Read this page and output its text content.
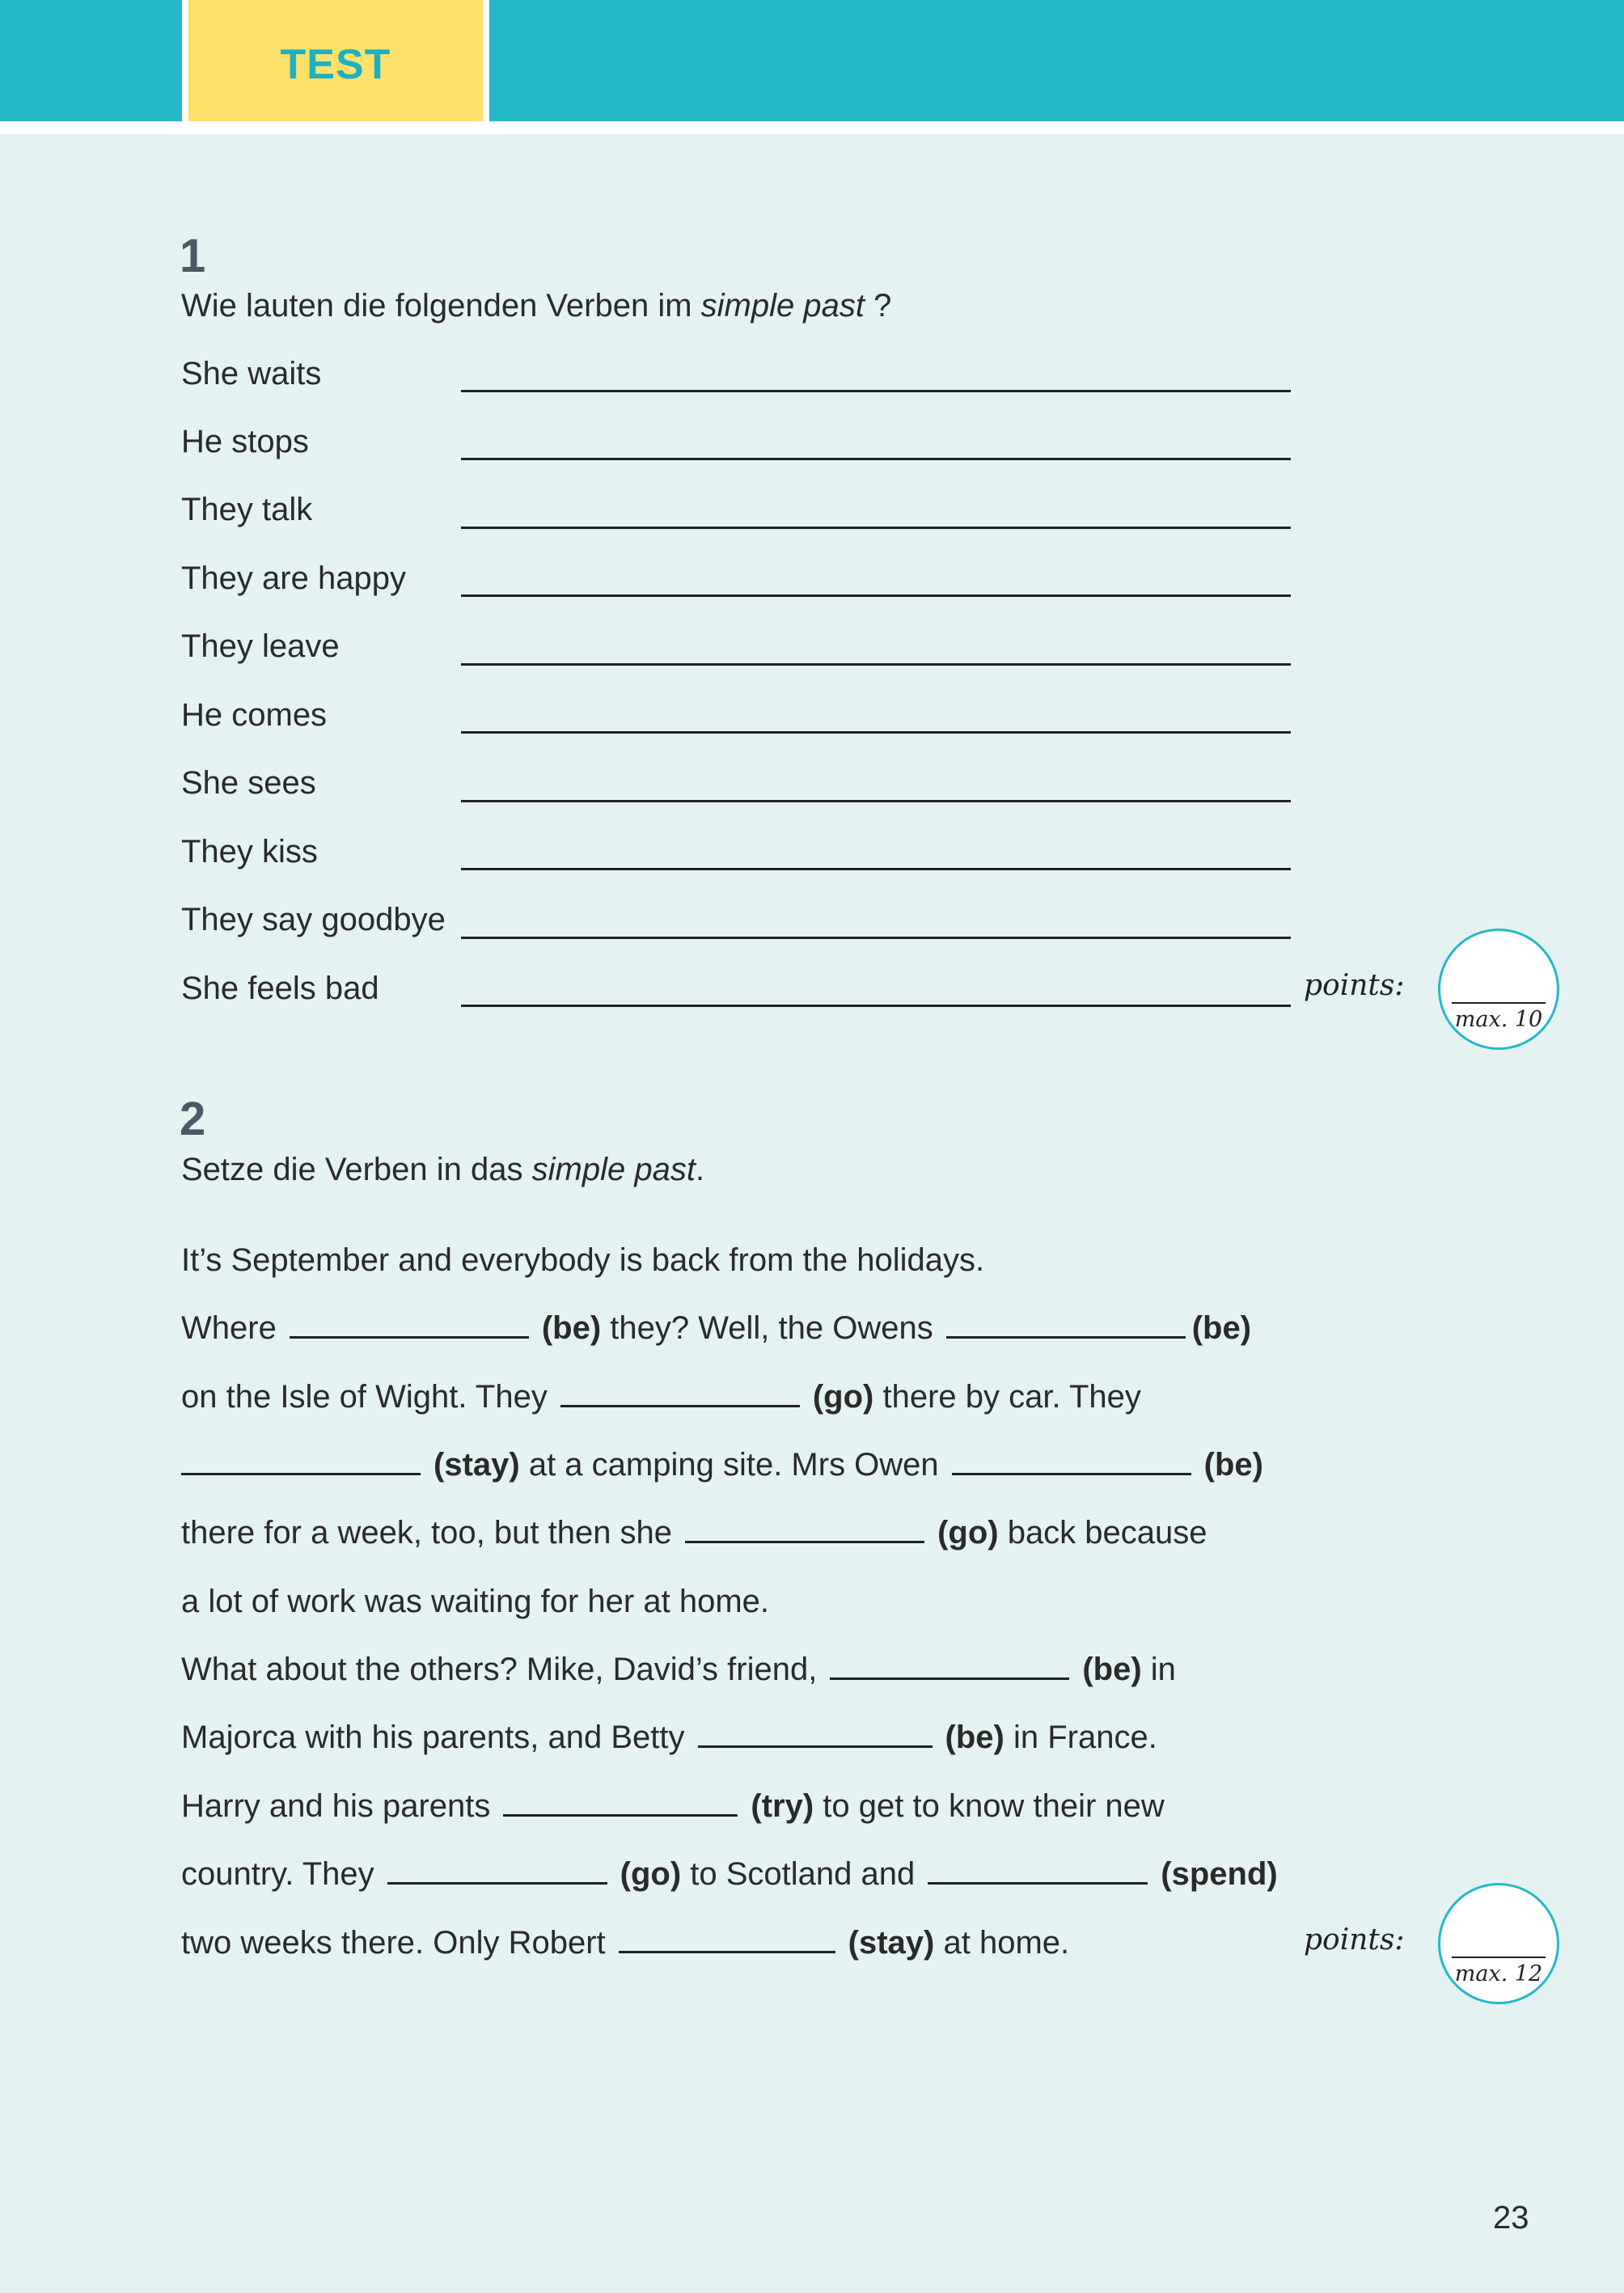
TEST
1
Wie lauten die folgenden Verben im simple past ?
She waits
He stops
They talk
They are happy
They leave
He comes
She sees
They kiss
They say goodbye
She feels bad	points:
max. 10
2
Setze die Verben in das simple past.
It’s September and everybody is back from the holidays.
Where	(be) they? Well, the Owens	(be)
on the Isle of Wight. They	(go) there by car. They
(stay) at a camping site. Mrs Owen	(be)
there for a week, too, but then she	(go) back because
a lot of work was waiting for her at home.
What about the others? Mike, David’s friend,	(be) in
Majorca with his parents, and Betty	(be) in France.
Harry and his parents	(try) to get to know their new
country. They	(go) to Scotland and	(spend)
two weeks there. Only Robert	(stay) at home.	points:
max. 12
23
